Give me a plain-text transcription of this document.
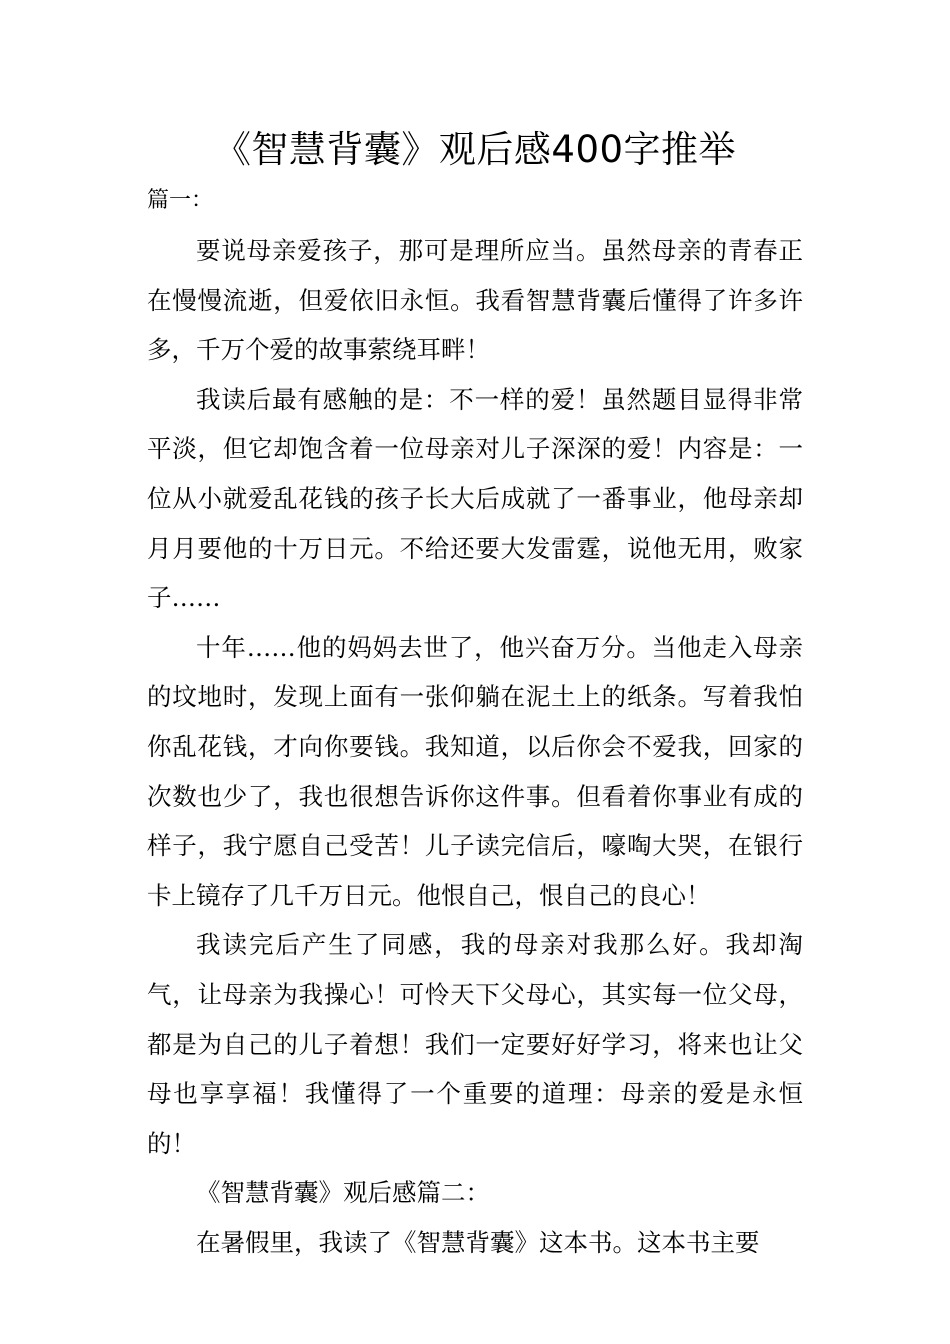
《智慧背囊》观后感400字推举
篇一：

要说母亲爱孩子，那可是理所应当。虽然母亲的青春正在慢慢流逝，但爱依旧永恒。我看智慧背囊后懂得了许多许多，千万个爱的故事萦绕耳畔！

我读后最有感触的是：不一样的爱！虽然题目显得非常平淡，但它却饱含着一位母亲对儿子深深的爱！内容是：一位从小就爱乱花钱的孩子长大后成就了一番事业，他母亲却月月要他的十万日元。不给还要大发雷霆，说他无用，败家子……

十年……他的妈妈去世了，他兴奋万分。当他走入母亲的坟地时，发现上面有一张仰躺在泥土上的纸条。写着我怕你乱花钱，才向你要钱。我知道，以后你会不爱我，回家的次数也少了，我也很想告诉你这件事。但看着你事业有成的样子，我宁愿自己受苦！儿子读完信后，嚎啕大哭，在银行卡上镜存了几千万日元。他恨自己，恨自己的良心！

我读完后产生了同感，我的母亲对我那么好。我却淘气，让母亲为我操心！可怜天下父母心，其实每一位父母，都是为自己的儿子着想！我们一定要好好学习，将来也让父母也享享福！我懂得了一个重要的道理：母亲的爱是永恒的！

《智慧背囊》观后感篇二：

在暑假里，我读了《智慧背囊》这本书。这本书主要
